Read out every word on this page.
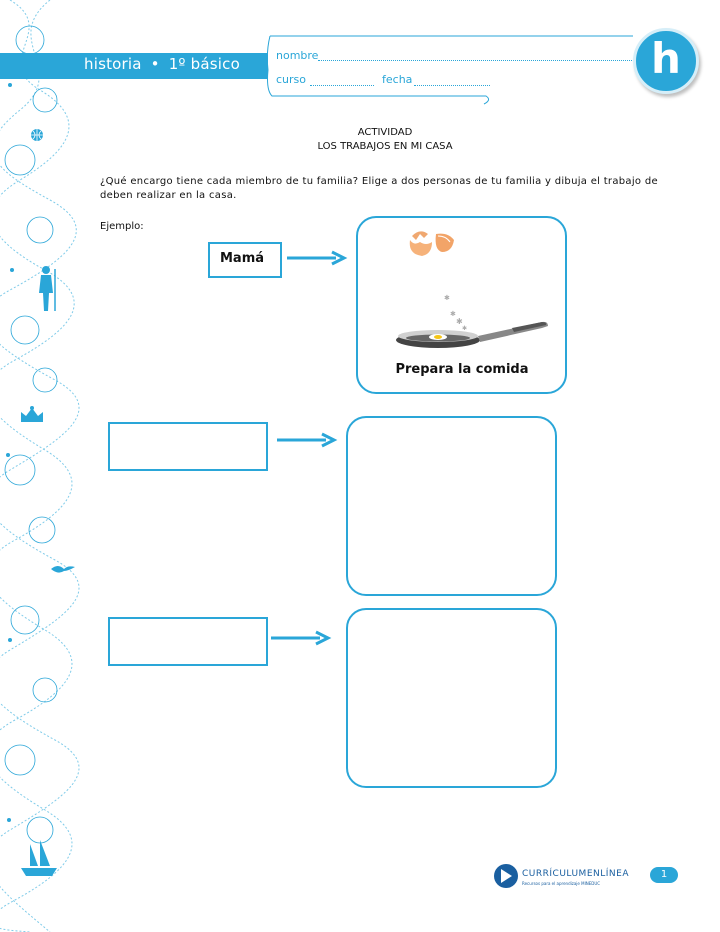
historia • 1º básico	nombre
curso	fecha	h
ACTIVIDAD
LOS TRABAJOS EN MI CASA
¿Qué encargo tiene cada miembro de tu familia? Elige a dos personas de tu familia y dibuja el trabajo de deben realizar en la casa.
Ejemplo:
Mamá
✱
✱
✱
✱
Prepara la comida
CURRÍCULUMENLÍNEA
Recursos para el aprendizaje MINEDUC
1
